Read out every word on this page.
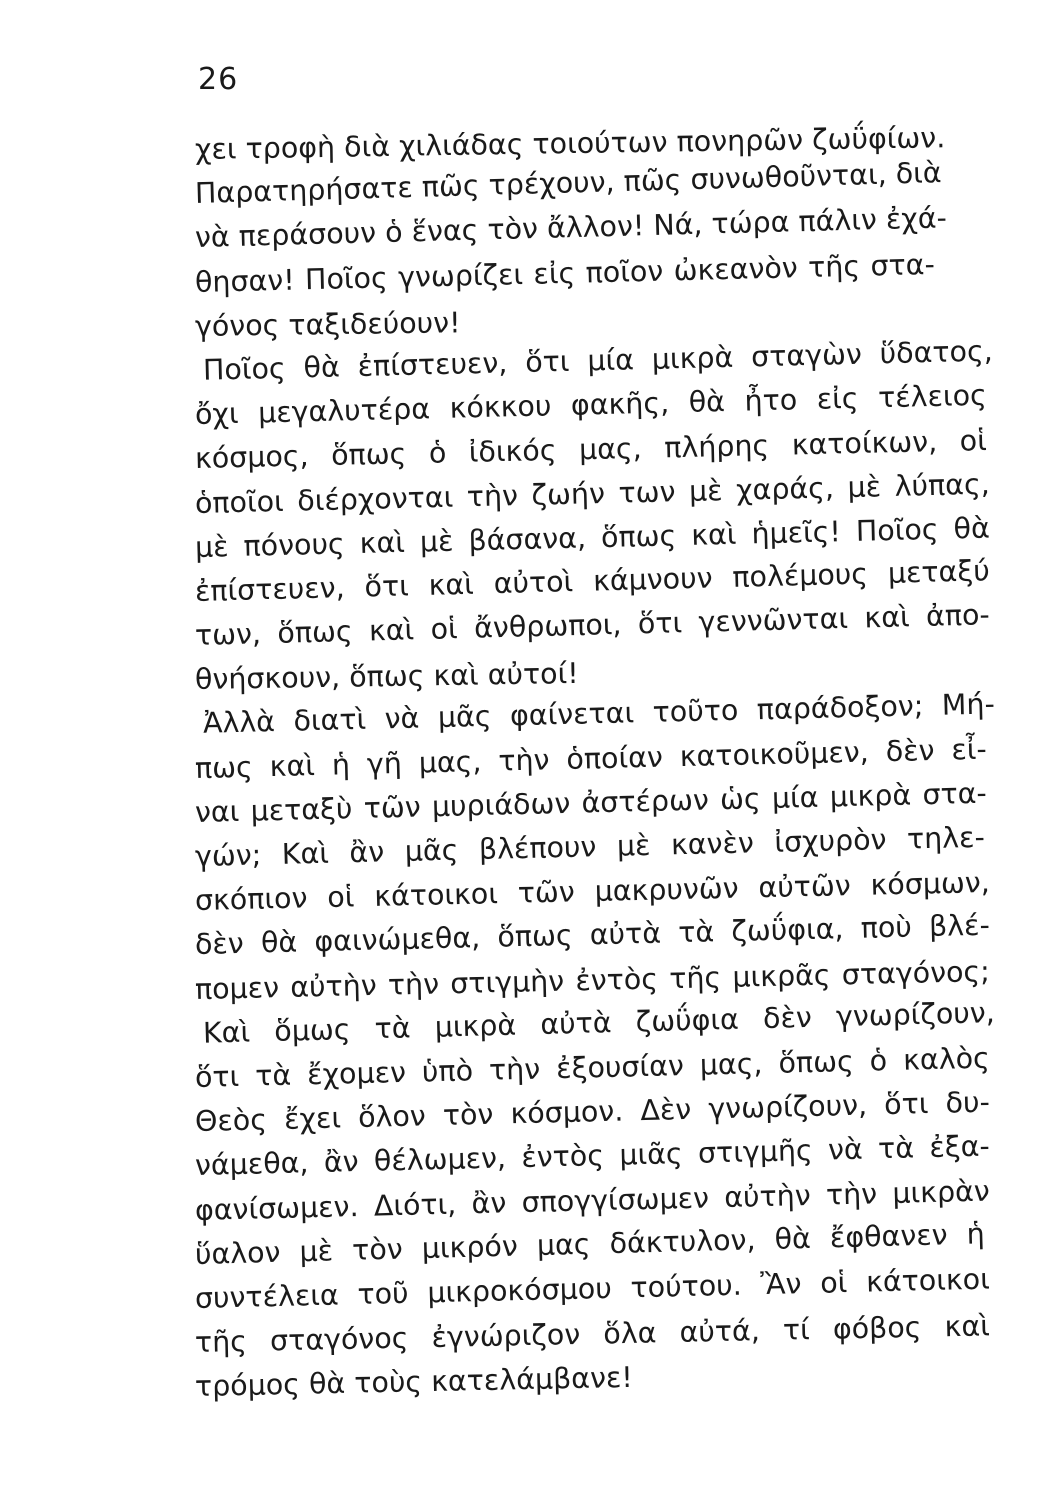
26
χει τροφὴ διὰ χιλιάδας τοιούτων πονηρῶν ζωΰφίων.
Παρατηρήσατε πῶς τρέχουν, πῶς συνωθοῦνται, διὰ
νὰ περάσουν ὁ ἕνας τὸν ἄλλον! Νά, τώρα πάλιν ἐχά-
θησαν! Ποῖος γνωρίζει εἰς ποῖον ὠκεανὸν τῆς στα-
γόνος ταξιδεύουν!
Ποῖος θὰ ἐπίστευεν, ὅτι μία μικρὰ σταγὼν ὕδατος,
ὄχι μεγαλυτέρα κόκκου φακῆς, θὰ ἦτο εἰς τέλειος
κόσμος, ὅπως ὁ ἰδικός μας, πλήρης κατοίκων, οἱ
ὁποῖοι διέρχονται τὴν ζωήν των μὲ χαράς, μὲ λύπας,
μὲ πόνους καὶ μὲ βάσανα, ὅπως καὶ ἡμεῖς! Ποῖος θὰ
ἐπίστευεν, ὅτι καὶ αὐτοὶ κάμνουν πολέμους μεταξύ
των, ὅπως καὶ οἱ ἄνθρωποι, ὅτι γεννῶνται καὶ ἀπο-
θνήσκουν, ὅπως καὶ αὐτοί!
Ἀλλὰ διατὶ νὰ μᾶς φαίνεται τοῦτο παράδοξον; Μή-
πως καὶ ἡ γῆ μας, τὴν ὁποίαν κατοικοῦμεν, δὲν εἶ-
ναι μεταξὺ τῶν μυριάδων ἀστέρων ὡς μία μικρὰ στα-
γών; Καὶ ἂν μᾶς βλέπουν μὲ κανὲν ἰσχυρὸν τηλε-
σκόπιον οἱ κάτοικοι τῶν μακρυνῶν αὐτῶν κόσμων,
δὲν θὰ φαινώμεθα, ὅπως αὐτὰ τὰ ζωΰφια, ποὺ βλέ-
πομεν αὐτὴν τὴν στιγμὴν ἐντὸς τῆς μικρᾶς σταγόνος;
Καὶ ὅμως τὰ μικρὰ αὐτὰ ζωΰφια δὲν γνωρίζουν,
ὅτι τὰ ἔχομεν ὑπὸ τὴν ἐξουσίαν μας, ὅπως ὁ καλὸς
Θεὸς ἔχει ὅλον τὸν κόσμον. Δὲν γνωρίζουν, ὅτι δυ-
νάμεθα, ἂν θέλωμεν, ἐντὸς μιᾶς στιγμῆς νὰ τὰ ἐξα-
φανίσωμεν. Διότι, ἂν σπογγίσωμεν αὐτὴν τὴν μικρὰν
ὕαλον μὲ τὸν μικρόν μας δάκτυλον, θὰ ἔφθανεν ἡ
συντέλεια τοῦ μικροκόσμου τούτου. Ἂν οἱ κάτοικοι
τῆς σταγόνος ἐγνώριζον ὅλα αὐτά, τί φόβος καὶ
τρόμος θὰ τοὺς κατελάμβανε!
